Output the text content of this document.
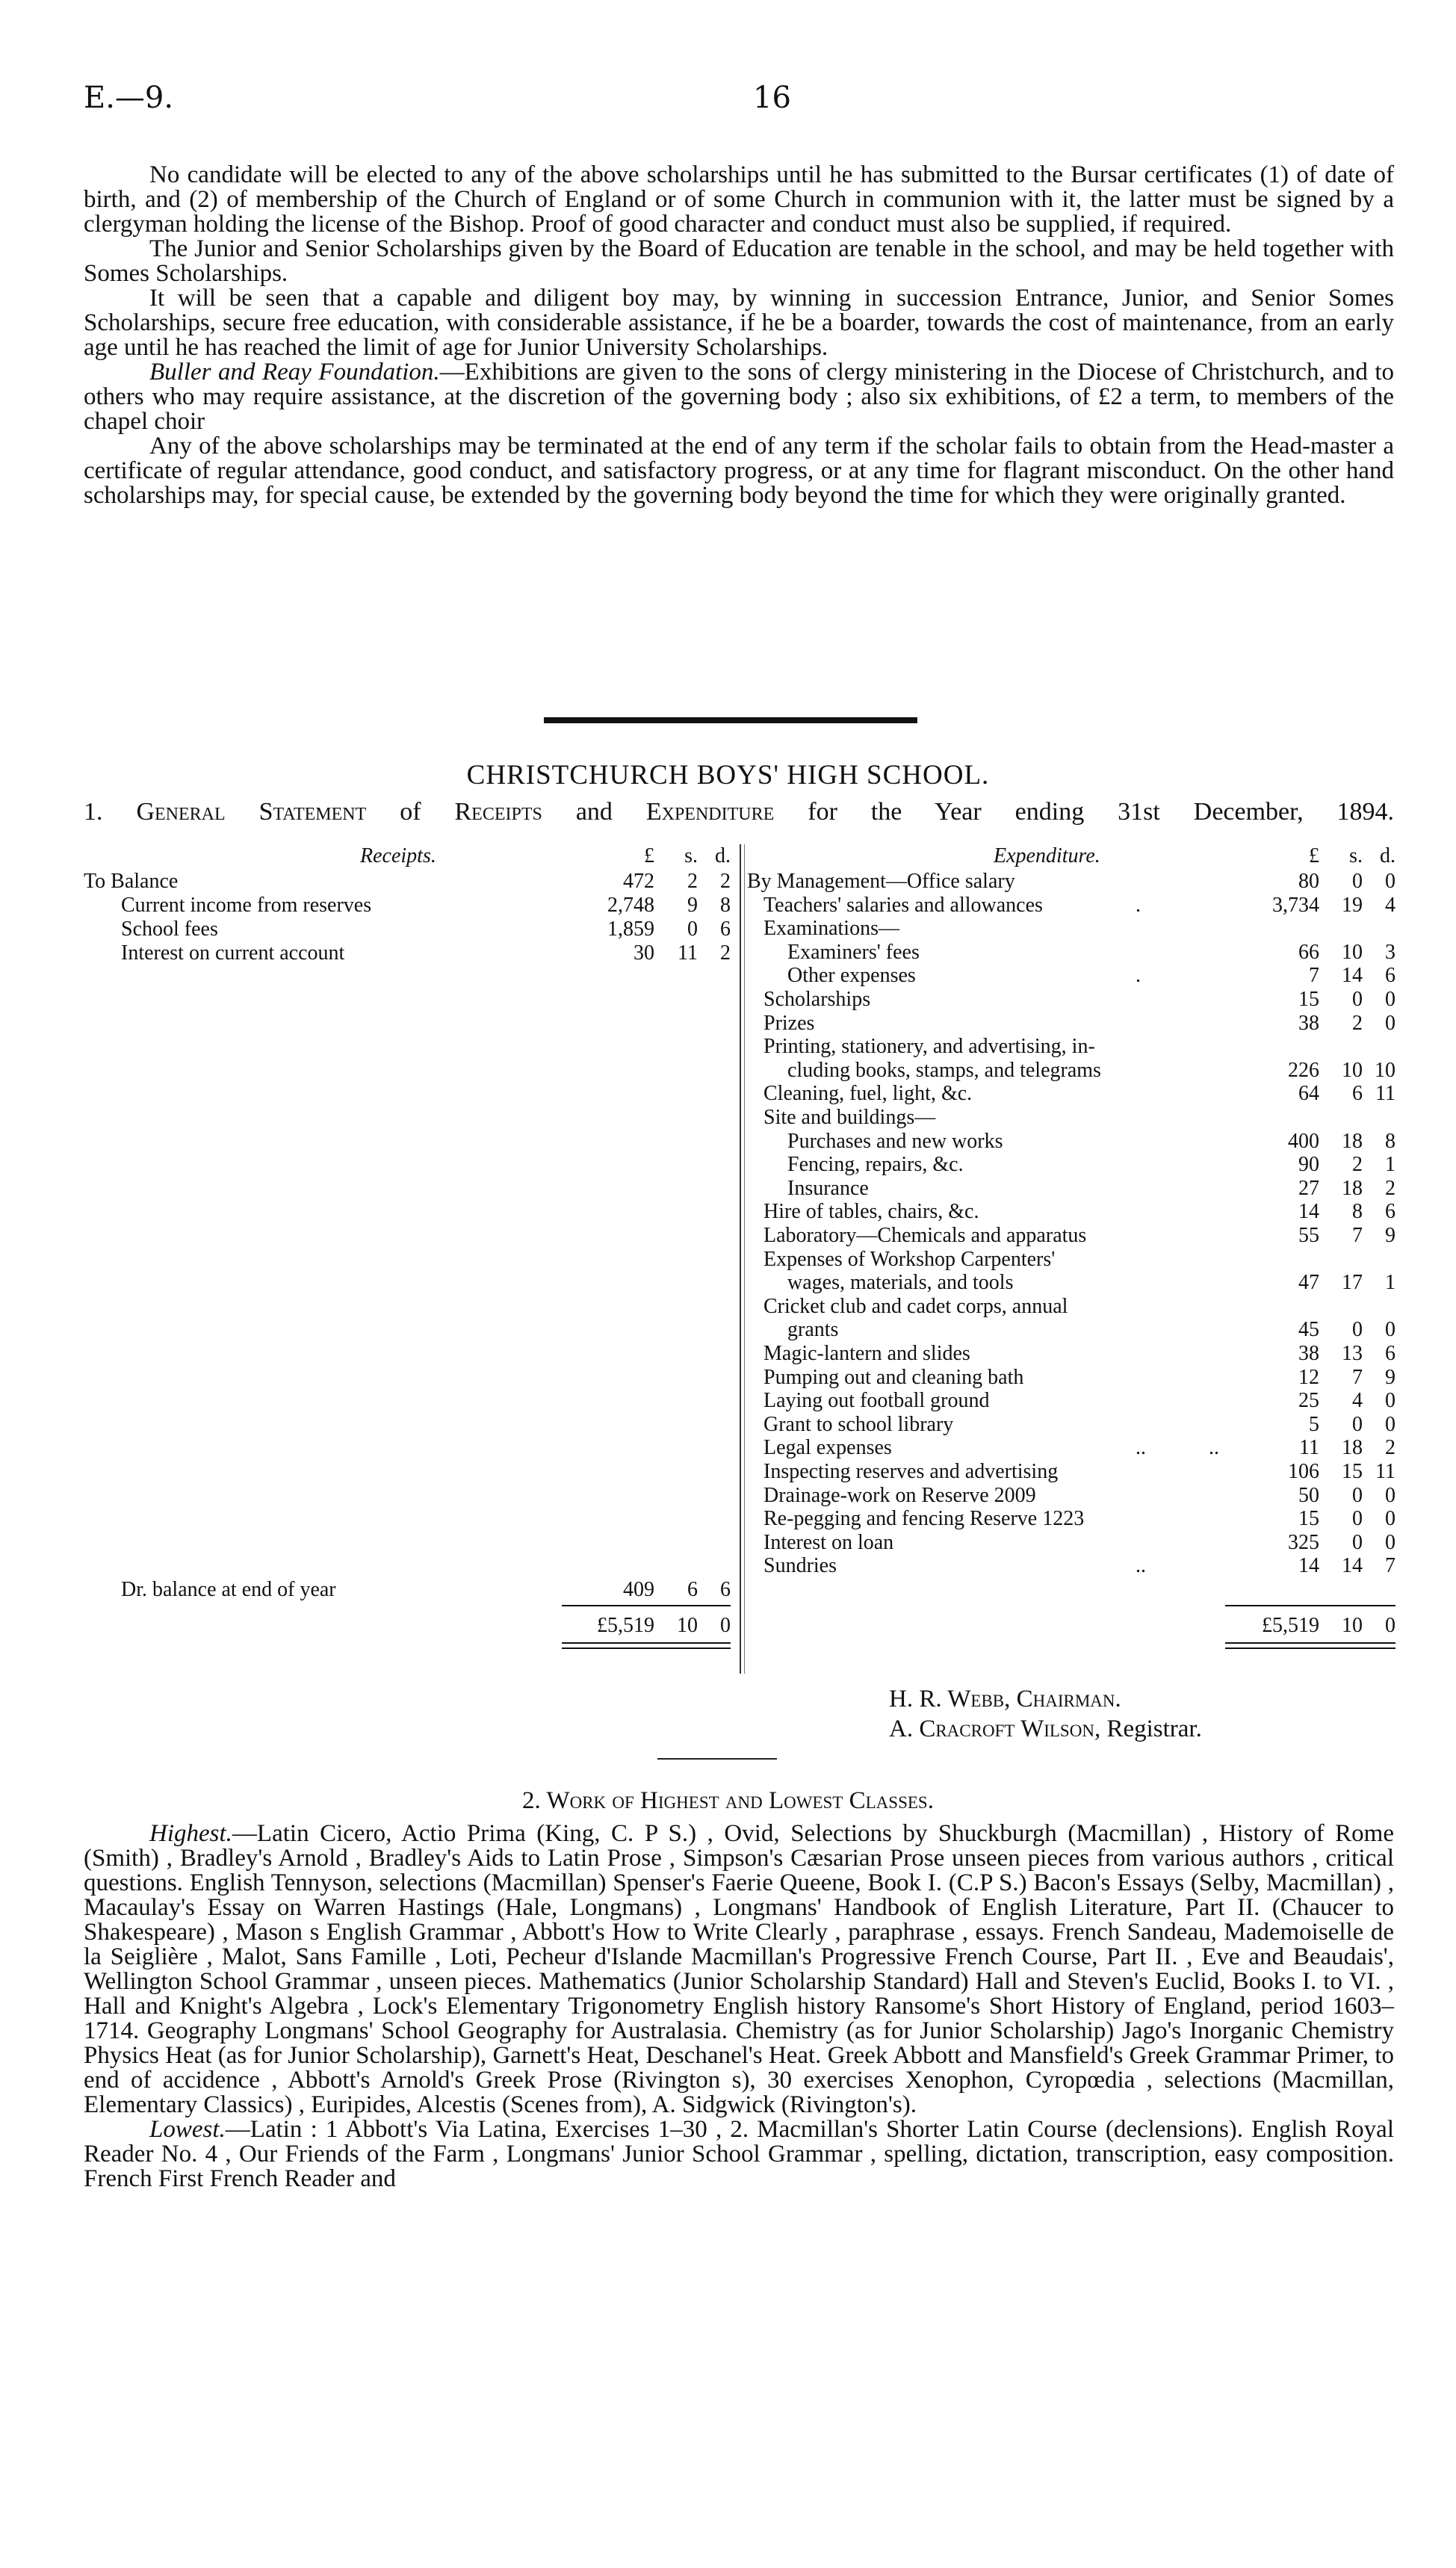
E.—9.	16

No candidate will be elected to any of the above scholarships until he has submitted to the Bursar certificates (1) of date of birth, and (2) of membership of the Church of England or of some Church in communion with it, the latter must be signed by a clergyman holding the license of the Bishop. Proof of good character and conduct must also be supplied, if required.

The Junior and Senior Scholarships given by the Board of Education are tenable in the school, and may be held together with Somes Scholarships.

It will be seen that a capable and diligent boy may, by winning in succession Entrance, Junior, and Senior Somes Scholarships, secure free education, with considerable assistance, if he be a boarder, towards the cost of maintenance, from an early age until he has reached the limit of age for Junior University Scholarships.

Buller and Reay Foundation.—Exhibitions are given to the sons of clergy ministering in the Diocese of Christchurch, and to others who may require assistance, at the discretion of the governing body ; also six exhibitions, of £2 a term, to members of the chapel choir

Any of the above scholarships may be terminated at the end of any term if the scholar fails to obtain from the Head-master a certificate of regular attendance, good conduct, and satisfactory progress, or at any time for flagrant misconduct. On the other hand scholarships may, for special cause, be extended by the governing body beyond the time for which they were originally granted.

CHRISTCHURCH BOYS' HIGH SCHOOL.
1. General Statement of Receipts and Expenditure for the Year ending 31st December, 1894.
Receipts.	£ s. d.
To Balance	472 2 2
Current income from reserves	2,748 9 8
School fees	1,859 0 6
Interest on current account	30 11 2
Dr. balance at end of year	409 6 6
£5,519 10 0
Expenditure.	£ s. d.
By Management—Office salary	80 0 0
Teachers' salaries and allowances	.	3,734 19 4
Examinations—
Examiners' fees	66 10 3
Other expenses	.	7 14 6
Scholarships	15 0 0
Prizes	38 2 0
Printing, stationery, and advertising, in-
cluding books, stamps, and telegrams	226 10 10
Cleaning, fuel, light, &c.	64 6 11
Site and buildings—
Purchases and new works	400 18 8
Fencing, repairs, &c.	90 2 1
Insurance	27 18 2
Hire of tables, chairs, &c.	14 8 6
Laboratory—Chemicals and apparatus	55 7 9
Expenses of Workshop Carpenters'
wages, materials, and tools	47 17 1
Cricket club and cadet corps, annual
grants	45 0 0
Magic-lantern and slides	38 13 6
Pumping out and cleaning bath	12 7 9
Laying out football ground	25 4 0
Grant to school library	5 0 0
Legal expenses	..            ..	11 18 2
Inspecting reserves and advertising	106 15 11
Drainage-work on Reserve 2009	50 0 0
Re-pegging and fencing Reserve 1223	15 0 0
Interest on loan	325 0 0
Sundries	..	14 14 7
£5,519 10 0
H. R. Webb, Chairman.
A. Cracroft Wilson, Registrar.
2. Work of Highest and Lowest Classes.

Highest.—Latin Cicero, Actio Prima (King, C. P S.) , Ovid, Selections by Shuckburgh (Macmillan) , History of Rome (Smith) , Bradley's Arnold , Bradley's Aids to Latin Prose , Simpson's Cæsarian Prose unseen pieces from various authors , critical questions. English Tennyson, selections (Macmillan) Spenser's Faerie Queene, Book I. (C.P S.) Bacon's Essays (Selby, Macmillan) , Macaulay's Essay on Warren Hastings (Hale, Longmans) , Longmans' Handbook of English Literature, Part II. (Chaucer to Shakespeare) , Mason s English Grammar , Abbott's How to Write Clearly , paraphrase , essays. French Sandeau, Mademoiselle de la Seiglière , Malot, Sans Famille , Loti, Pecheur d'Islande Macmillan's Progressive French Course, Part II. , Eve and Beaudais', Wellington School Grammar , unseen pieces. Mathematics (Junior Scholarship Standard) Hall and Steven's Euclid, Books I. to VI. , Hall and Knight's Algebra , Lock's Elementary Trigonometry English history Ransome's Short History of England, period 1603–1714. Geography Longmans' School Geography for Australasia. Chemistry (as for Junior Scholarship) Jago's Inorganic Chemistry Physics Heat (as for Junior Scholarship), Garnett's Heat, Deschanel's Heat. Greek Abbott and Mansfield's Greek Grammar Primer, to end of accidence , Abbott's Arnold's Greek Prose (Rivington s), 30 exercises Xenophon, Cyropœdia , selections (Macmillan, Elementary Classics) , Euripides, Alcestis (Scenes from), A. Sidgwick (Rivington's).

Lowest.—Latin : 1 Abbott's Via Latina, Exercises 1–30 , 2. Macmillan's Shorter Latin Course (declensions). English Royal Reader No. 4 , Our Friends of the Farm , Longmans' Junior School Grammar , spelling, dictation, transcription, easy composition. French First French Reader and
